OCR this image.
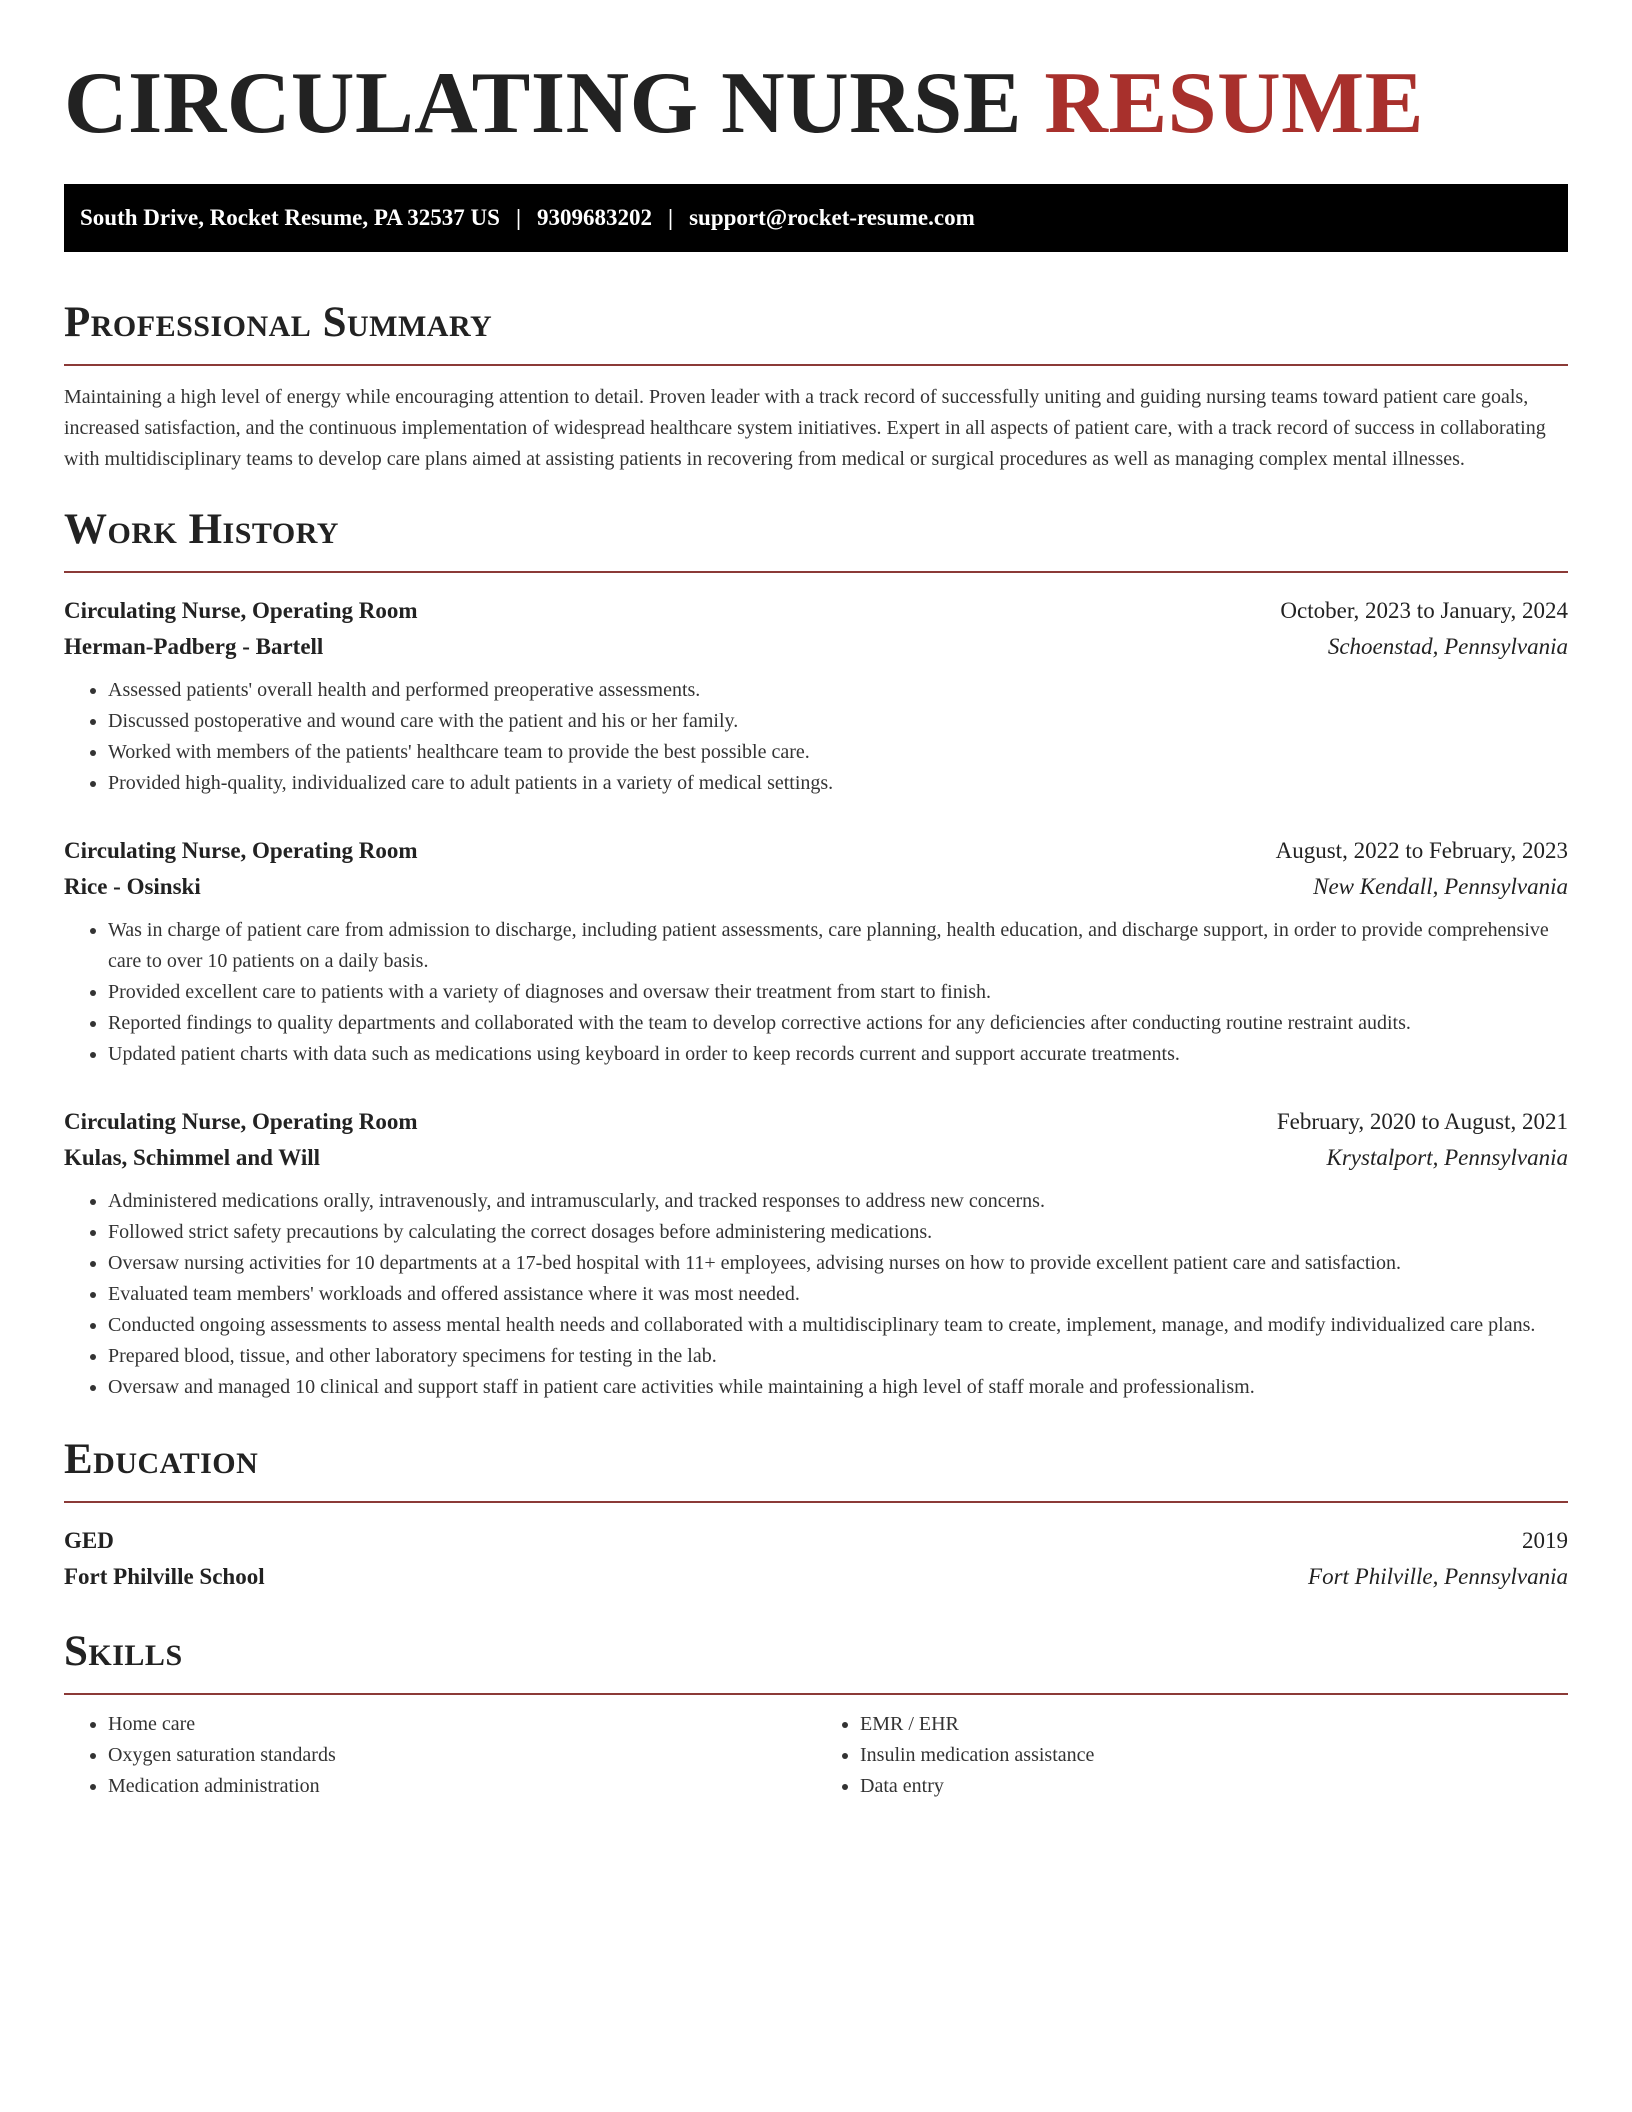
CIRCULATING NURSE RESUME
South Drive, Rocket Resume, PA 32537 US | 9309683202 | support@rocket-resume.com
Professional Summary

Maintaining a high level of energy while encouraging attention to detail. Proven leader with a track record of successfully uniting and guiding nursing teams toward patient care goals, increased satisfaction, and the continuous implementation of widespread healthcare system initiatives. Expert in all aspects of patient care, with a track record of success in collaborating with multidisciplinary teams to develop care plans aimed at assisting patients in recovering from medical or surgical procedures as well as managing complex mental illnesses.

Work History
Circulating Nurse, Operating Room	October, 2023 to January, 2024
Herman-Padberg - Bartell	Schoenstad, Pennsylvania
• Assessed patients' overall health and performed preoperative assessments.
• Discussed postoperative and wound care with the patient and his or her family.
• Worked with members of the patients' healthcare team to provide the best possible care.
• Provided high-quality, individualized care to adult patients in a variety of medical settings.
Circulating Nurse, Operating Room	August, 2022 to February, 2023
Rice - Osinski	New Kendall, Pennsylvania
• Was in charge of patient care from admission to discharge, including patient assessments, care planning, health education, and discharge support, in order to provide comprehensive care to over 10 patients on a daily basis.
• Provided excellent care to patients with a variety of diagnoses and oversaw their treatment from start to finish.
• Reported findings to quality departments and collaborated with the team to develop corrective actions for any deficiencies after conducting routine restraint audits.
• Updated patient charts with data such as medications using keyboard in order to keep records current and support accurate treatments.
Circulating Nurse, Operating Room	February, 2020 to August, 2021
Kulas, Schimmel and Will	Krystalport, Pennsylvania
• Administered medications orally, intravenously, and intramuscularly, and tracked responses to address new concerns.
• Followed strict safety precautions by calculating the correct dosages before administering medications.
• Oversaw nursing activities for 10 departments at a 17-bed hospital with 11+ employees, advising nurses on how to provide excellent patient care and satisfaction.
• Evaluated team members' workloads and offered assistance where it was most needed.
• Conducted ongoing assessments to assess mental health needs and collaborated with a multidisciplinary team to create, implement, manage, and modify individualized care plans.
• Prepared blood, tissue, and other laboratory specimens for testing in the lab.
• Oversaw and managed 10 clinical and support staff in patient care activities while maintaining a high level of staff morale and professionalism.
Education
GED	2019
Fort Philville School	Fort Philville, Pennsylvania
Skills
• Home care
• Oxygen saturation standards
• Medication administration
• EMR / EHR
• Insulin medication assistance
• Data entry
